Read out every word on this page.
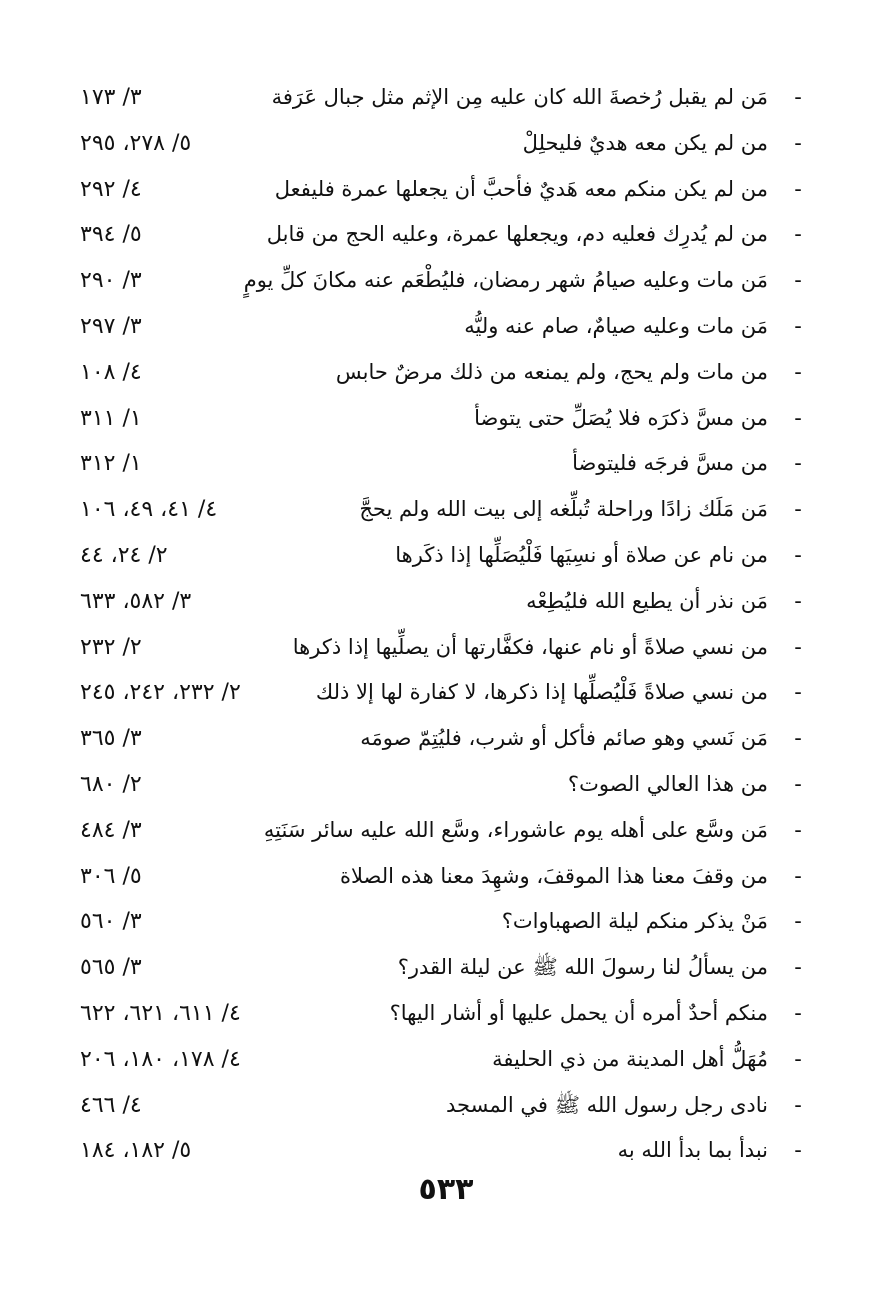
-
مَن لم يقبل رُخصةَ الله كان عليه مِن الإثم مثل جبال عَرَفة
٣/ ١٧٣
-
من لم يكن معه هديٌ فليحلِلْ
٥/ ٢٧٨، ٢٩٥
-
من لم يكن منكم معه هَديٌ فأحبَّ أن يجعلها عمرة فليفعل
٤/ ٢٩٢
-
من لم يُدرِك فعليه دم، ويجعلها عمرة، وعليه الحج من قابل
٥/ ٣٩٤
-
مَن مات وعليه صيامُ شهر رمضان، فليُطْعَم عنه مكانَ كلِّ يومٍ
٣/ ٢٩٠
-
مَن مات وعليه صيامٌ، صام عنه وليُّه
٣/ ٢٩٧
-
من مات ولم يحج، ولم يمنعه من ذلك مرضٌ حابس
٤/ ١٠٨
-
من مسَّ ذكرَه فلا يُصَلِّ حتى يتوضأ
١/ ٣١١
-
من مسَّ فرجَه فليتوضأ
١/ ٣١٢
-
مَن مَلَك زادًا وراحلة تُبلِّغه إلى بيت الله ولم يحجَّ
٤/ ٤١، ٤٩، ١٠٦
-
من نام عن صلاة أو نسِيَها فَلْيُصَلِّها إذا ذكَرها
٢/ ٢٤، ٤٤
-
مَن نذر أن يطيع الله فليُطِعْه
٣/ ٥٨٢، ٦٣٣
-
من نسي صلاةً أو نام عنها، فكفَّارتها أن يصلِّيها إذا ذكرها
٢/ ٢٣٢
-
من نسي صلاةً فَلْيُصلِّها إذا ذكرها، لا كفارة لها إلا ذلك
٢/ ٢٣٢، ٢٤٢، ٢٤٥
-
مَن نَسي وهو صائم فأكل أو شرب، فليُتِمّ صومَه
٣/ ٣٦٥
-
من هذا العالي الصوت؟
٢/ ٦٨٠
-
مَن وسَّع على أهله يوم عاشوراء، وسَّع الله عليه سائر سَنَتِهِ
٣/ ٤٨٤
-
من وقفَ معنا هذا الموقفَ، وشهِدَ معنا هذه الصلاة
٥/ ٣٠٦
-
مَنْ يذكر منكم ليلة الصهباوات؟
٣/ ٥٦٠
-
من يسألُ لنا رسولَ الله ﷺ عن ليلة القدر؟
٣/ ٥٦٥
-
منكم أحدٌ أمره أن يحمل عليها أو أشار اليها؟
٤/ ٦١١، ٦٢١، ٦٢٢
-
مُهَلُّ أهل المدينة من ذي الحليفة
٤/ ١٧٨، ١٨٠، ٢٠٦
-
نادى رجل رسول الله ﷺ في المسجد
٤/ ٤٦٦
-
نبدأ بما بدأ الله به
٥/ ١٨٢، ١٨٤
٥٣٣
